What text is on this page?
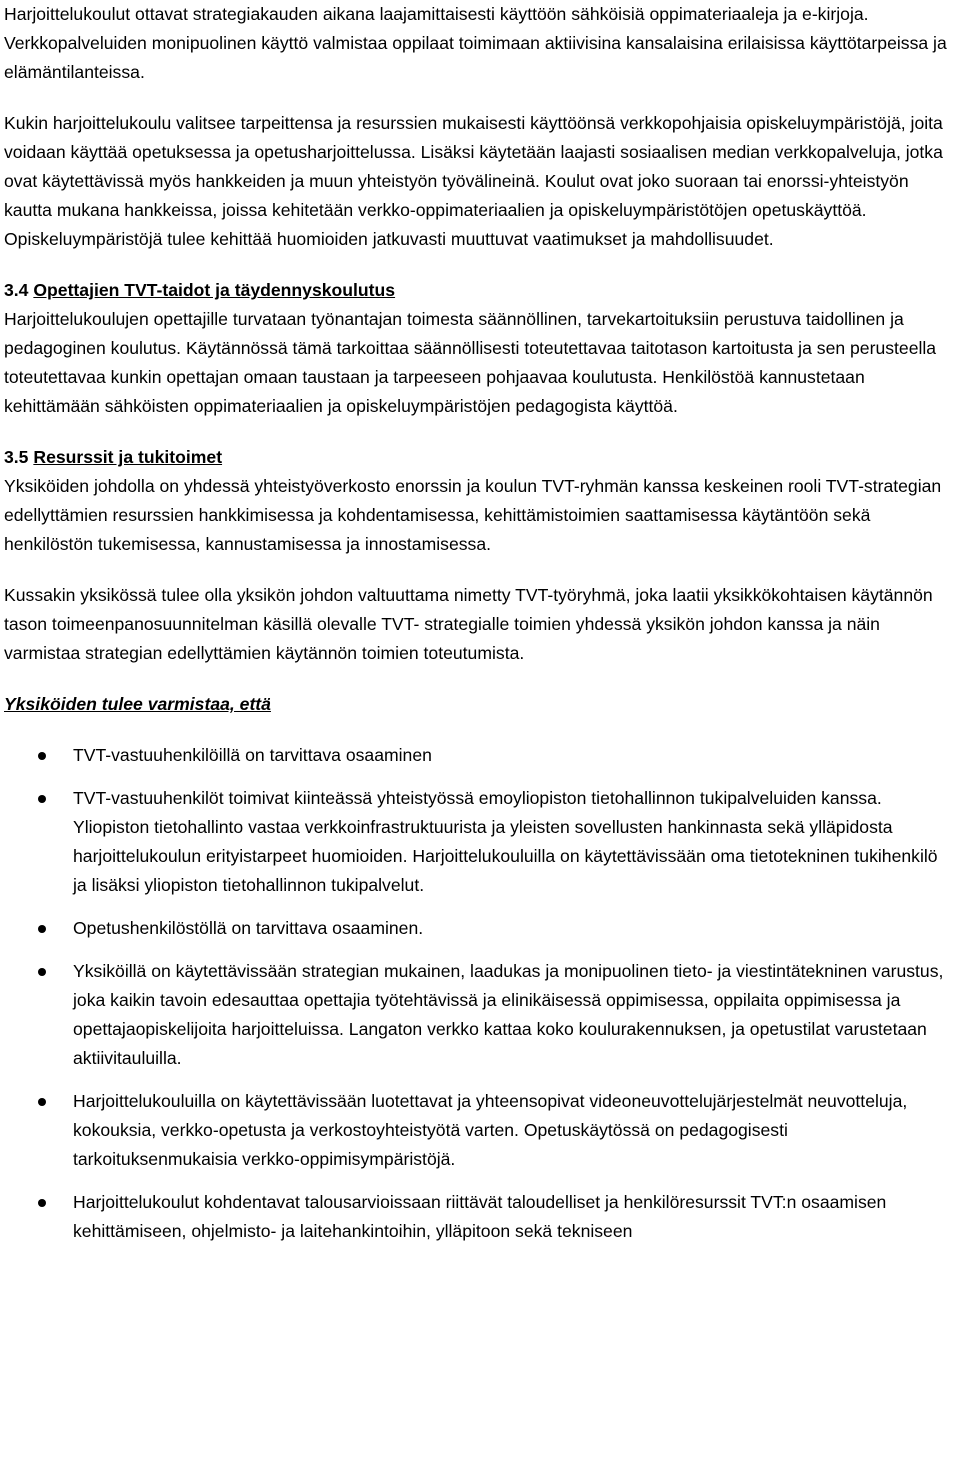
Harjoittelukoulut ottavat strategiakauden aikana laajamittaisesti käyttöön sähköisiä oppimateriaaleja ja e-kirjoja. Verkkopalveluiden monipuolinen käyttö valmistaa oppilaat toimimaan aktiivisina kansalaisina erilaisissa käyttötarpeissa ja elämäntilanteissa.

Kukin harjoittelukoulu valitsee tarpeittensa ja resurssien mukaisesti käyttöönsä verkkopohjaisia opiskeluympäristöjä, joita voidaan käyttää opetuksessa ja opetusharjoittelussa. Lisäksi käytetään laajasti sosiaalisen median verkkopalveluja, jotka ovat käytettävissä myös hankkeiden ja muun yhteistyön työvälineinä. Koulut ovat joko suoraan tai enorssi-yhteistyön kautta mukana hankkeissa, joissa kehitetään verkko-oppimateriaalien ja opiskeluympäristötöjen opetuskäyttöä. Opiskeluympäristöjä tulee kehittää huomioiden jatkuvasti muuttuvat vaatimukset ja mahdollisuudet.

3.4 Opettajien TVT-taidot ja täydennyskoulutus

Harjoittelukoulujen opettajille turvataan työnantajan toimesta säännöllinen, tarvekartoituksiin perustuva taidollinen ja pedagoginen koulutus. Käytännössä tämä tarkoittaa säännöllisesti toteutettavaa taitotason kartoitusta ja sen perusteella toteutettavaa kunkin opettajan omaan taustaan ja tarpeeseen pohjaavaa koulutusta. Henkilöstöä kannustetaan kehittämään sähköisten oppimateriaalien ja opiskeluympäristöjen pedagogista käyttöä.

3.5 Resurssit ja tukitoimet

Yksiköiden johdolla on yhdessä yhteistyöverkosto enorssin ja koulun TVT-ryhmän kanssa keskeinen rooli TVT-strategian edellyttämien resurssien hankkimisessa ja kohdentamisessa, kehittämistoimien saattamisessa käytäntöön sekä henkilöstön tukemisessa, kannustamisessa ja innostamisessa.

Kussakin yksikössä tulee olla yksikön johdon valtuuttama nimetty TVT-työryhmä, joka laatii yksikkökohtaisen käytännön tason toimeenpanosuunnitelman käsillä olevalle TVT- strategialle toimien yhdessä yksikön johdon kanssa ja näin varmistaa strategian edellyttämien käytännön toimien toteutumista.

Yksiköiden tulee varmistaa, että

TVT-vastuuhenkilöillä on tarvittava osaaminen
TVT-vastuuhenkilöt toimivat kiinteässä yhteistyössä emoyliopiston tietohallinnon tukipalveluiden kanssa. Yliopiston tietohallinto vastaa verkkoinfrastruktuurista ja yleisten sovellusten hankinnasta sekä ylläpidosta harjoittelukoulun erityistarpeet huomioiden. Harjoittelukouluilla on käytettävissään oma tietotekninen tukihenkilö ja lisäksi yliopiston tietohallinnon tukipalvelut.
Opetushenkilöstöllä on tarvittava osaaminen.
Yksiköillä on käytettävissään strategian mukainen, laadukas ja monipuolinen tieto- ja viestintätekninen varustus, joka kaikin tavoin edesauttaa opettajia työtehtävissä ja elinikäisessä oppimisessa, oppilaita oppimisessa ja opettajaopiskelijoita harjoitteluissa. Langaton verkko kattaa koko koulurakennuksen, ja opetustilat varustetaan aktiivitauluilla.
Harjoittelukouluilla on käytettävissään luotettavat ja yhteensopivat videoneuvottelujärjestelmät neuvotteluja, kokouksia, verkko-opetusta ja verkostoyhteistyötä varten. Opetuskäytössä on pedagogisesti tarkoituksenmukaisia verkko-oppimisympäristöjä.
Harjoittelukoulut kohdentavat talousarvioissaan riittävät taloudelliset ja henkilöresurssit TVT:n osaamisen kehittämiseen, ohjelmisto- ja laitehankintoihin, ylläpitoon sekä tekniseen
